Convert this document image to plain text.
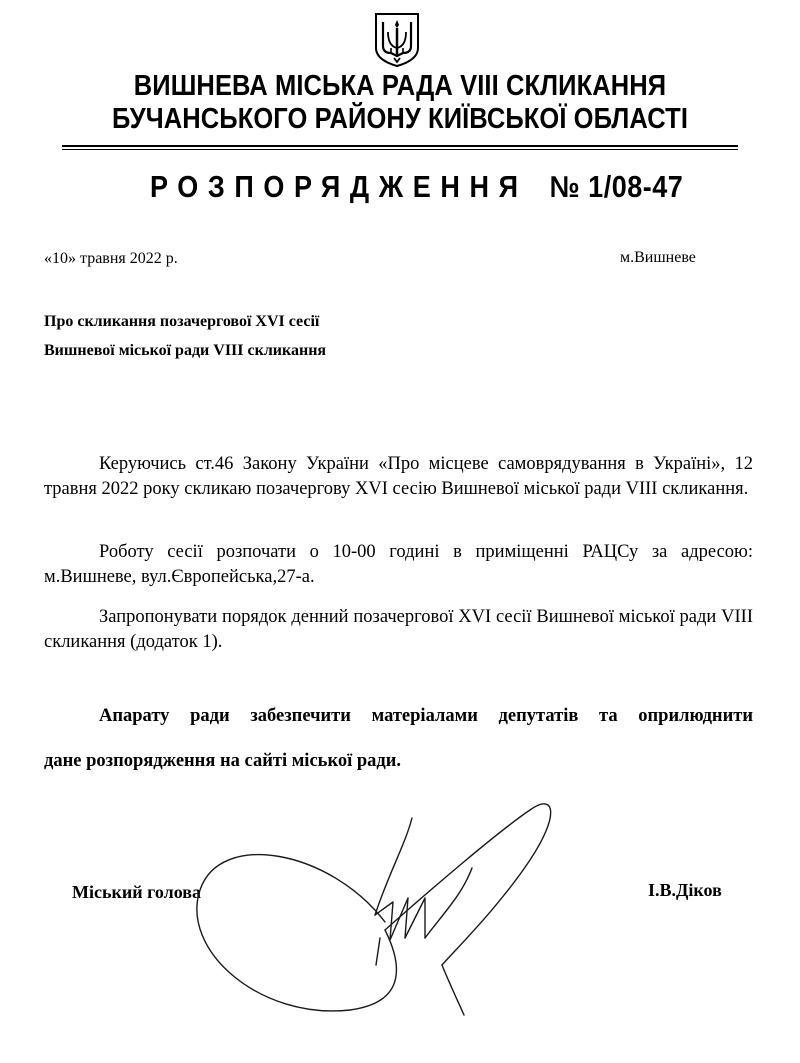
ВИШНЕВА МІСЬКА РАДА VIII СКЛИКАННЯ
БУЧАНСЬКОГО РАЙОНУ КИЇВСЬКОЇ ОБЛАСТІ
РОЗПОРЯДЖЕННЯ № 1/08-47
«10» травня 2022 р.	м.Вишневе
Про скликання позачергової XVI сесії
Вишневої міської ради VIII скликання

Керуючись ст.46 Закону України «Про місцеве самоврядування в Україні», 12 травня 2022 року скликаю позачергову XVI сесію Вишневої міської ради VIII скликання.

Роботу сесії розпочати о 10-00 годині в приміщенні РАЦСу за адресою: м.Вишневе, вул.Європейська,27-а.

Запропонувати порядок денний позачергової XVI сесії Вишневої міської ради VIII скликання (додаток 1).

Апарату ради забезпечити матеріалами депутатів та оприлюднити
дане розпорядження на сайті міської ради.
Міський голова	І.В.Діков
